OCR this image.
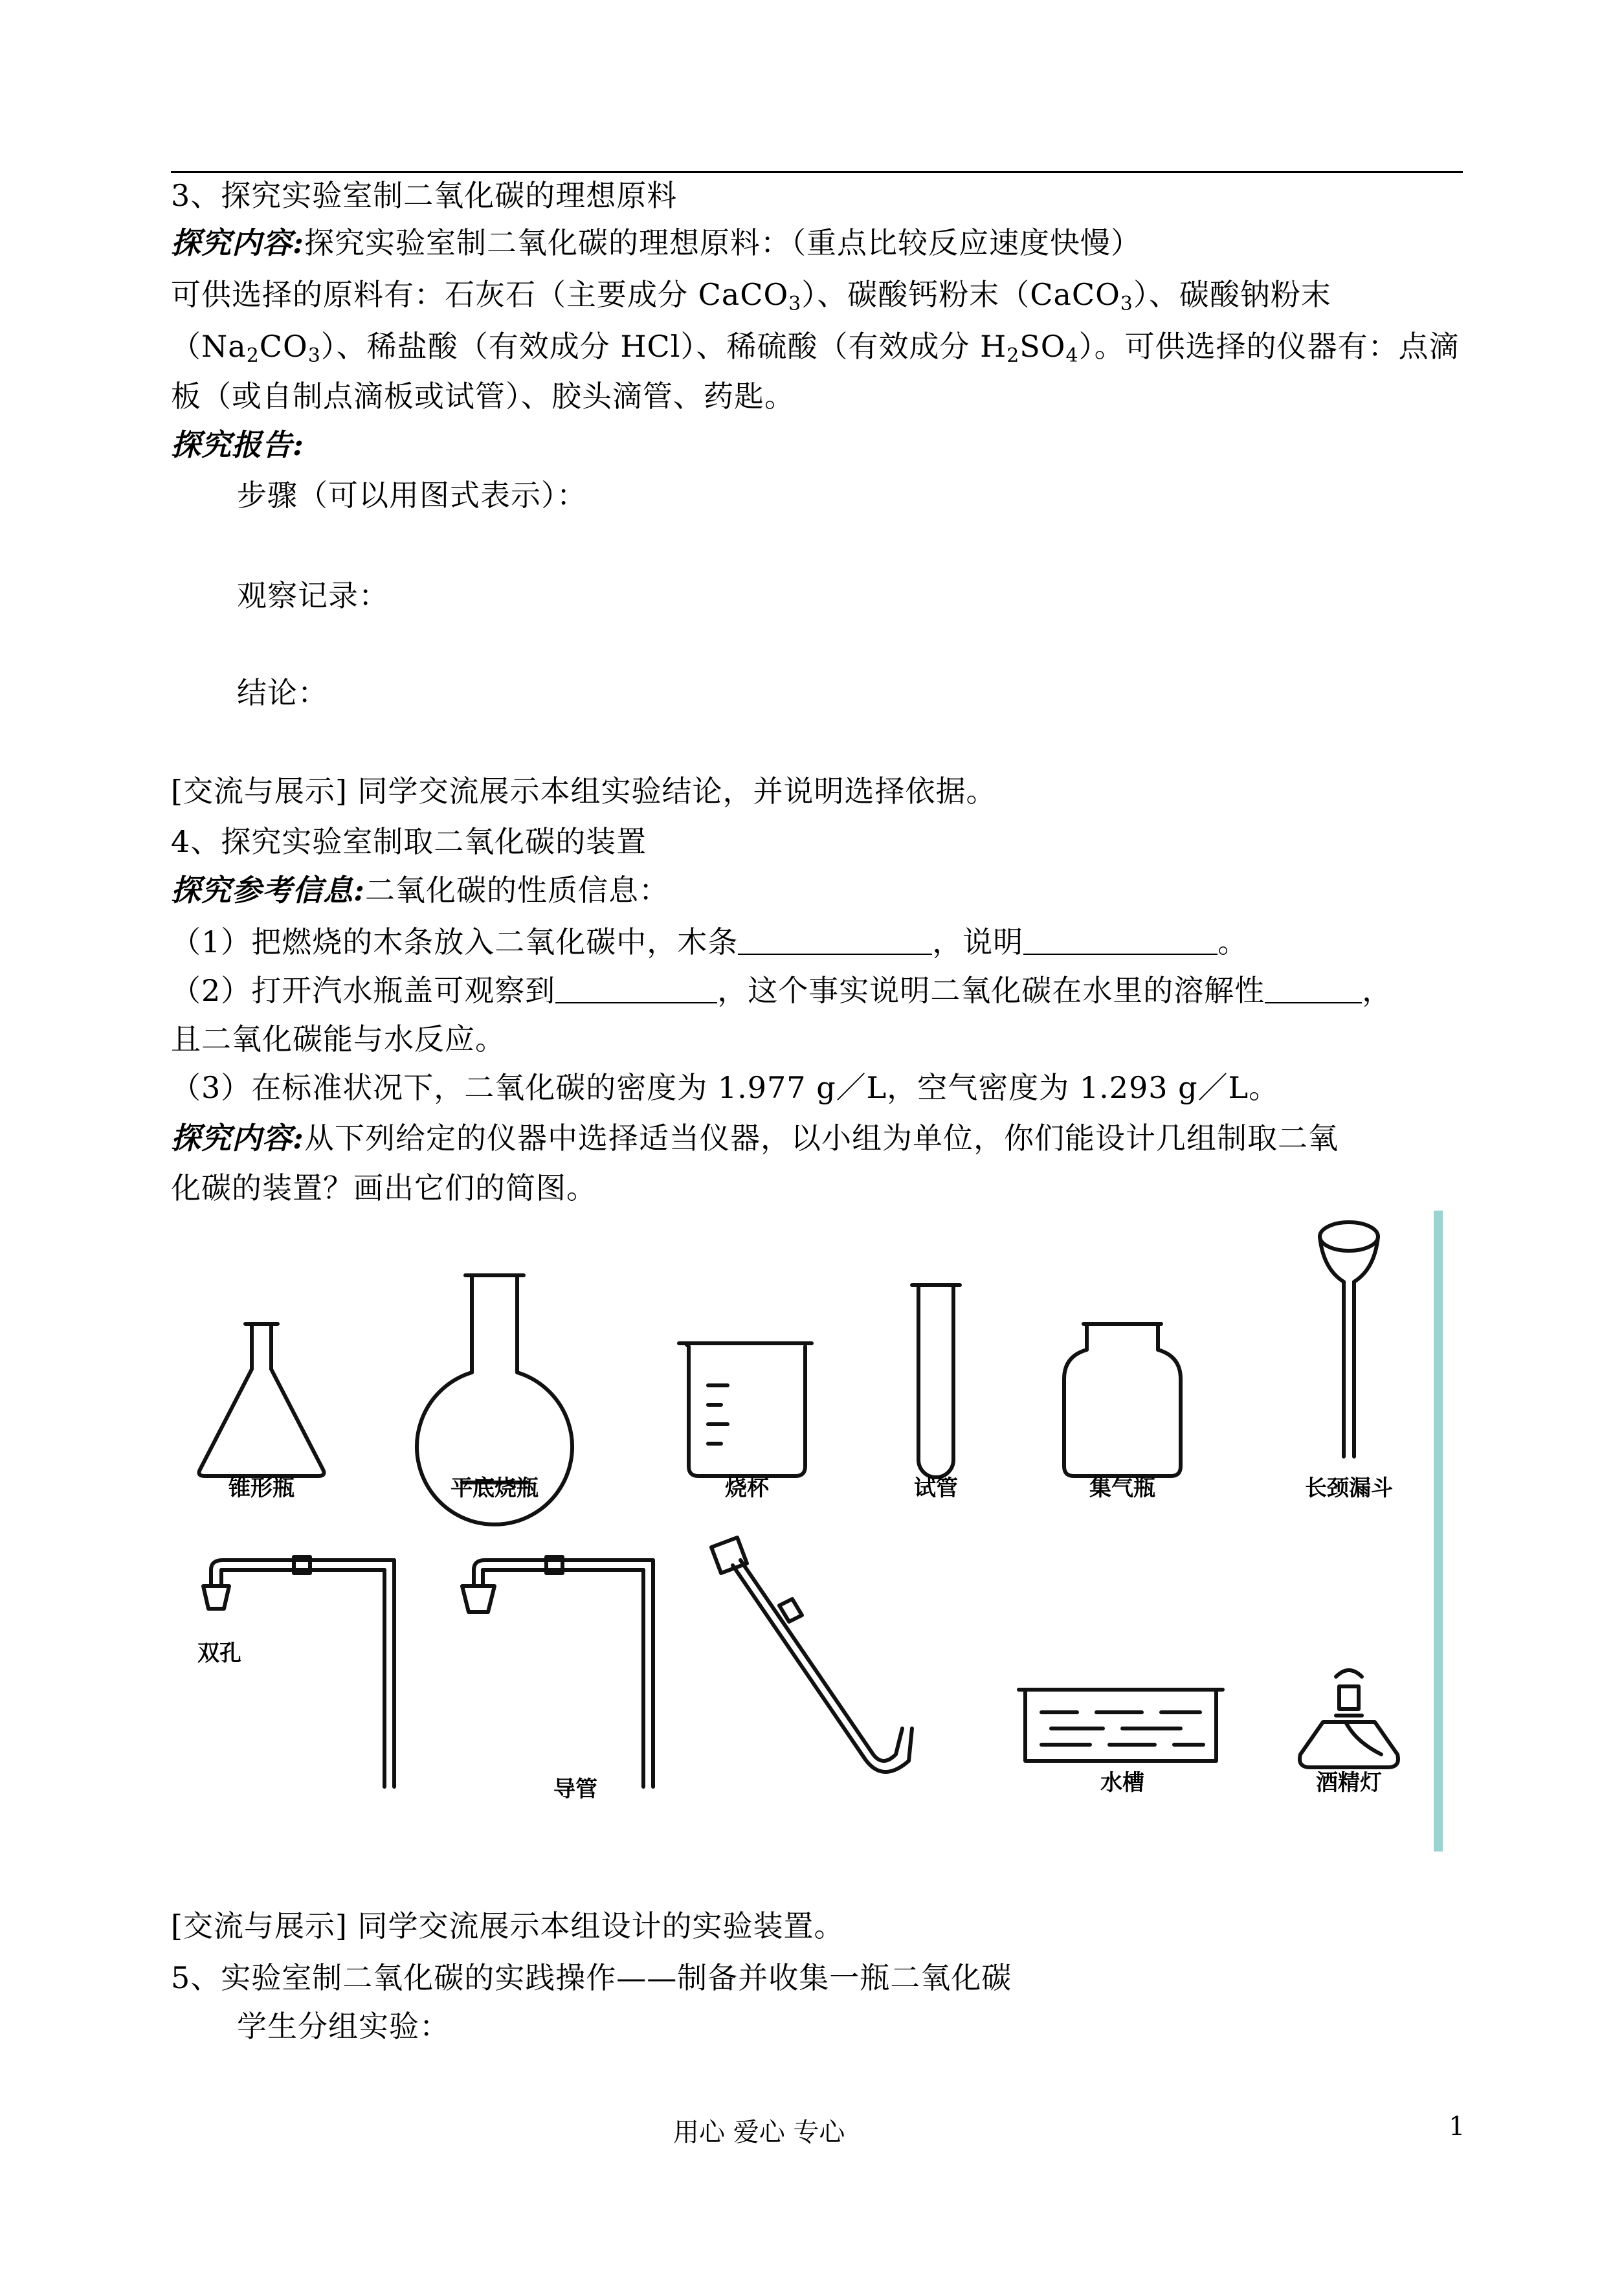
3、探究实验室制二氧化碳的理想原料
探究内容:探究实验室制二氧化碳的理想原料：（重点比较反应速度快慢）
可供选择的原料有：石灰石（主要成分 CaCO$_3$）、碳酸钙粉末（CaCO$_3$）、碳酸钠粉末
$(Na_2CO_3)$、稀盐酸（有效成分 HCl）、稀硫酸（有效成分 $H_2SO_4$）。可供选择的仪器有：点滴
板（或自制点滴板或试管）、胶头滴管、药匙。
探究报告:
步骤（可以用图式表示）：
观察记录：
结论：
[交流与展示] 同学交流展示本组实验结论，并说明选择依据。
4、探究实验室制取二氧化碳的装置
探究参考信息:二氧化碳的性质信息：
（1）把燃烧的木条放入二氧化碳中，木条	，说明	。
（2）打开汽水瓶盖可观察到	，这个事实说明二氧化碳在水里的溶解性	，
且二氧化碳能与水反应。
（3）在标准状况下，二氧化碳的密度为 1.977 g／L，空气密度为 1.293 g／L。
探究内容:从下列给定的仪器中选择适当仪器，以小组为单位，你们能设计几组制取二氧
化碳的装置？画出它们的简图。
锥形瓶	平底烧瓶	烧杯	试管	集气瓶	长颈漏斗
双孔
导管	水槽	酒精灯
[交流与展示] 同学交流展示本组设计的实验装置。
5、实验室制二氧化碳的实践操作——制备并收集一瓶二氧化碳
学生分组实验：
用心 爱心 专心	1
